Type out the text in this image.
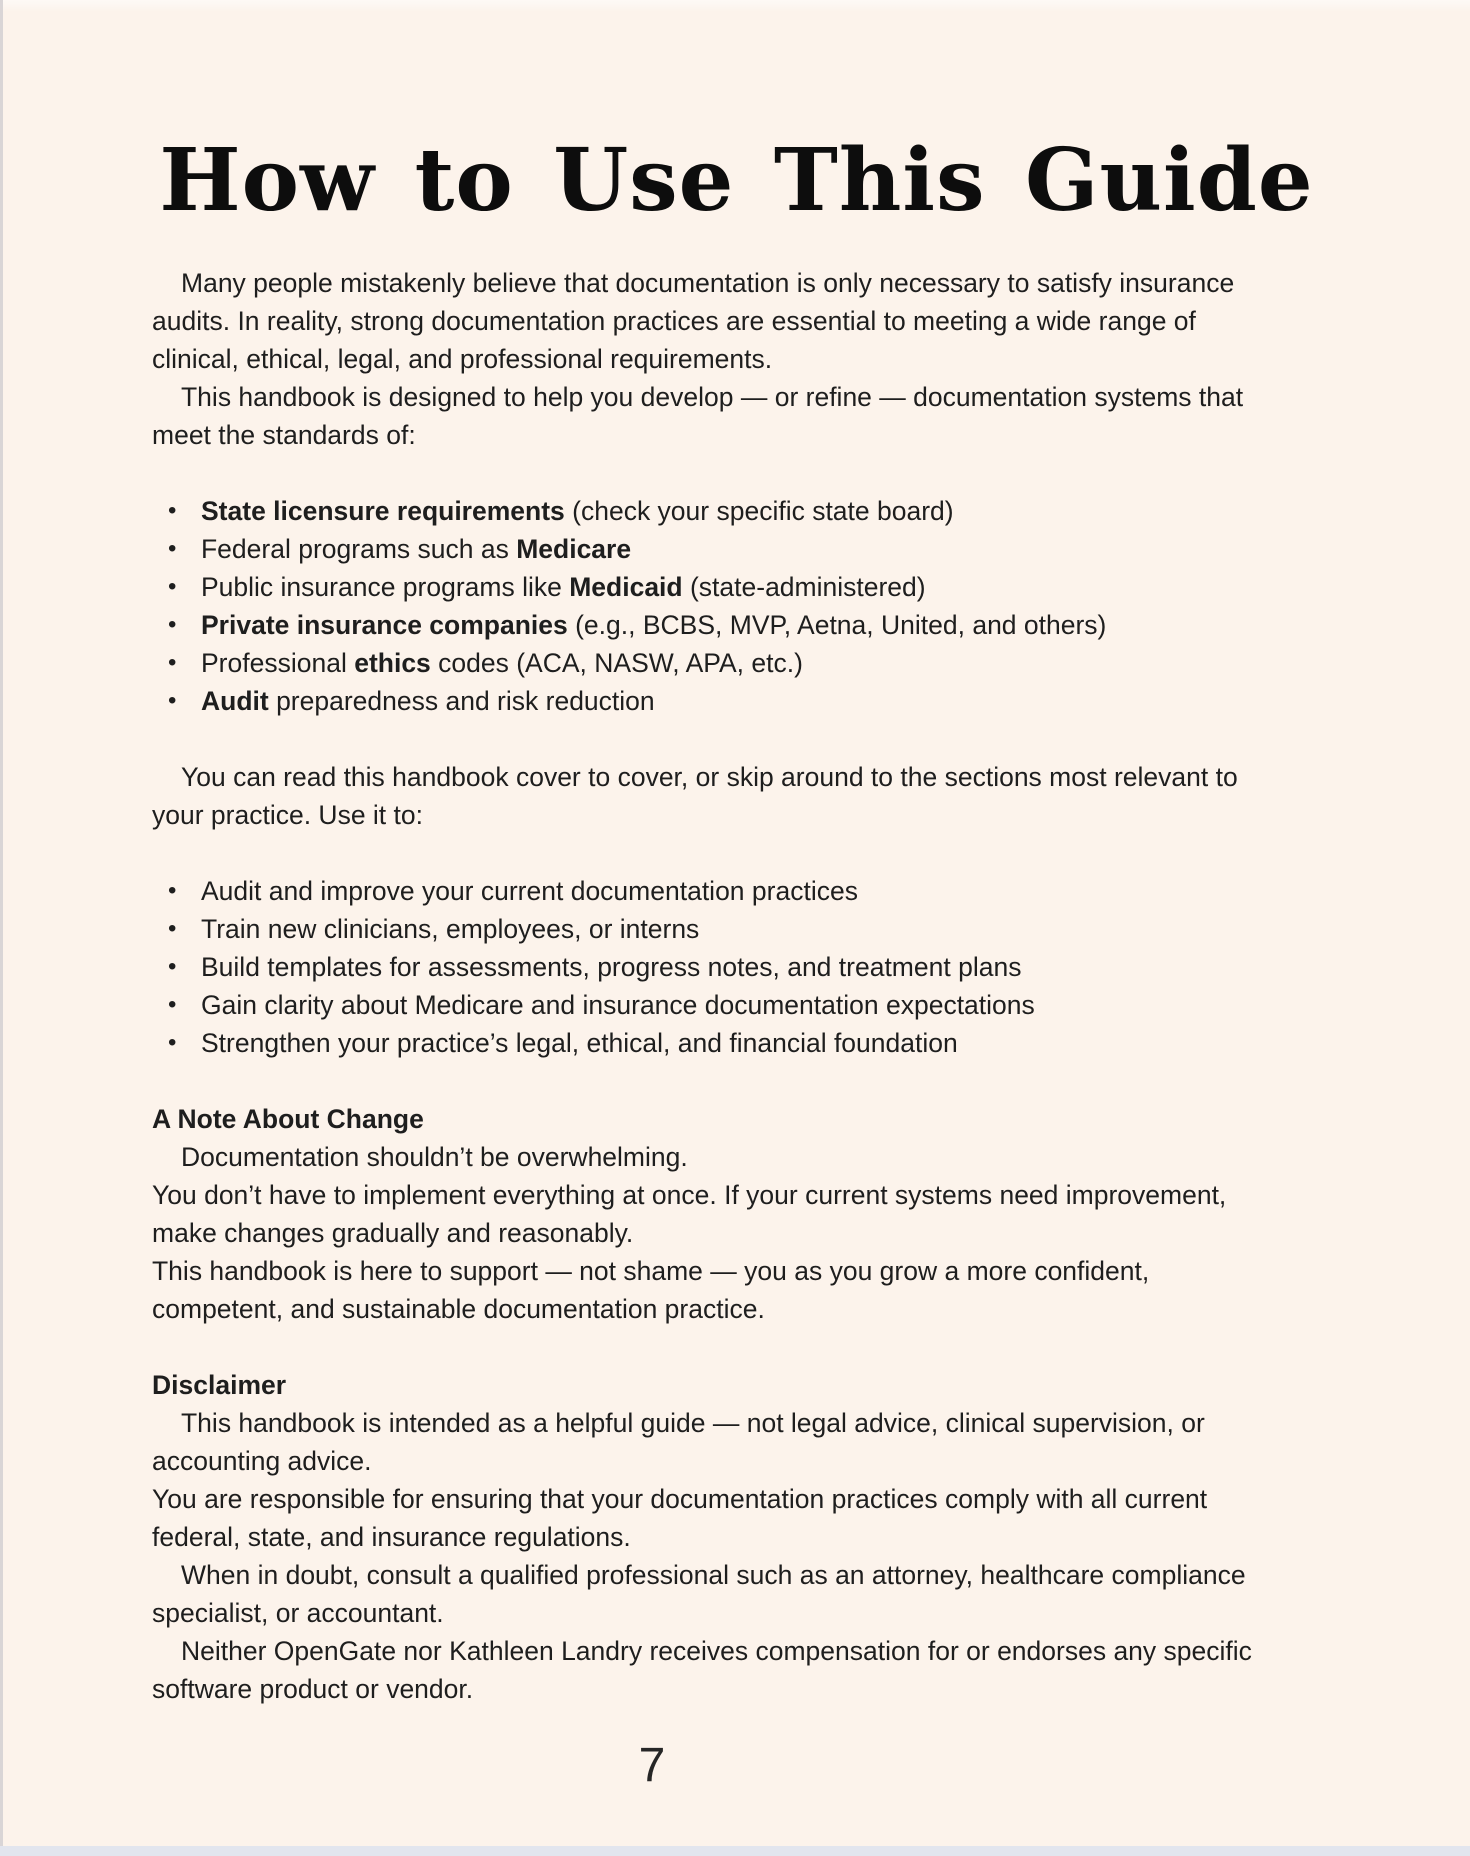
How to Use This Guide

Many people mistakenly believe that documentation is only necessary to satisfy insurance audits. In reality, strong documentation practices are essential to meeting a wide range of clinical, ethical, legal, and professional requirements.

This handbook is designed to help you develop — or refine — documentation systems that meet the standards of:

• State licensure requirements (check your specific state board)
• Federal programs such as Medicare
• Public insurance programs like Medicaid (state-administered)
• Private insurance companies (e.g., BCBS, MVP, Aetna, United, and others)
• Professional ethics codes (ACA, NASW, APA, etc.)
• Audit preparedness and risk reduction

You can read this handbook cover to cover, or skip around to the sections most relevant to your practice. Use it to:

• Audit and improve your current documentation practices
• Train new clinicians, employees, or interns
• Build templates for assessments, progress notes, and treatment plans
• Gain clarity about Medicare and insurance documentation expectations
• Strengthen your practice’s legal, ethical, and financial foundation
A Note About Change

Documentation shouldn’t be overwhelming.

You don’t have to implement everything at once. If your current systems need improvement, make changes gradually and reasonably.

This handbook is here to support — not shame — you as you grow a more confident, competent, and sustainable documentation practice.

Disclaimer

This handbook is intended as a helpful guide — not legal advice, clinical supervision, or accounting advice.

You are responsible for ensuring that your documentation practices comply with all current federal, state, and insurance regulations.

When in doubt, consult a qualified professional such as an attorney, healthcare compliance specialist, or accountant.

Neither OpenGate nor Kathleen Landry receives compensation for or endorses any specific software product or vendor.

7
